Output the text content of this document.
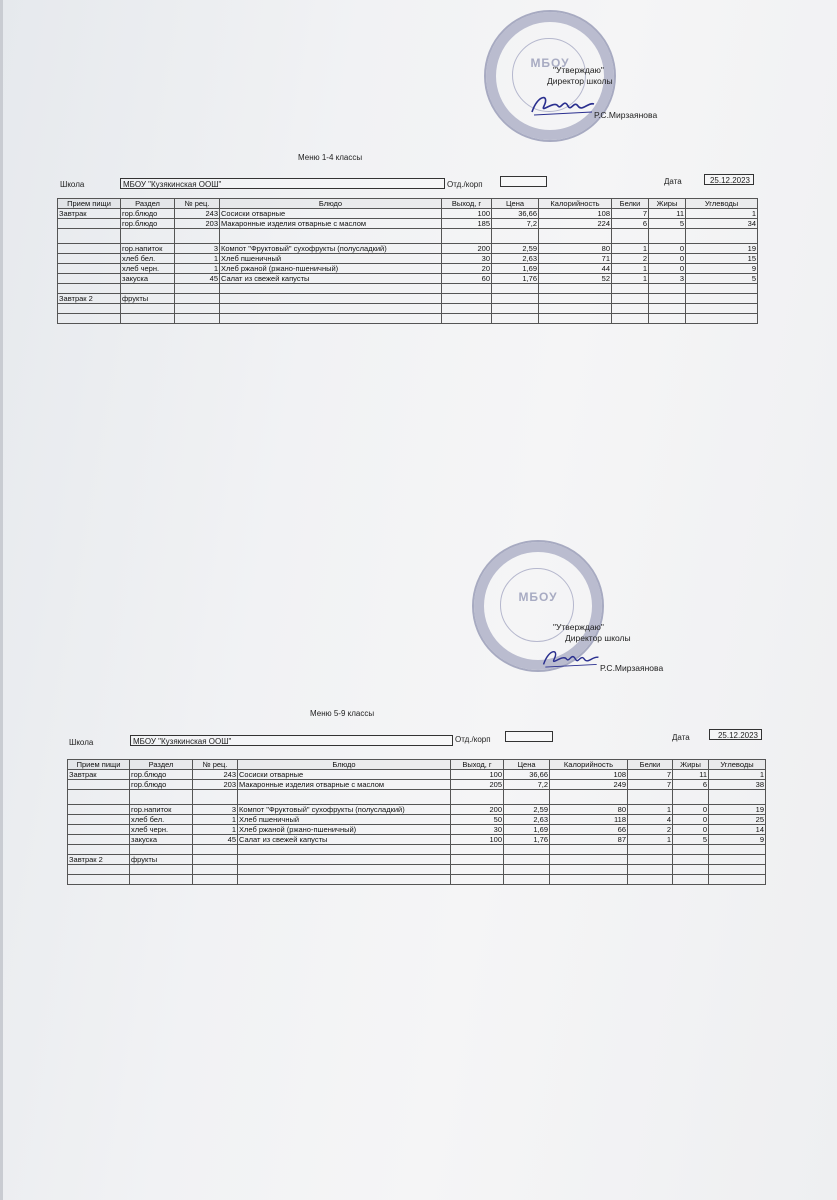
МБОУ
"Утверждаю"
Директор школы
Р.С.Мирзаянова
Меню 1-4 классы
Школа	МБОУ "Кузякинская ООШ"	Отд./корп	Дата	25.12.2023
Прием пищи	Раздел	№ рец.	Блюдо	Выход, г	Цена	Калорийность	Белки	Жиры	Углеводы
Завтрак	гор.блюдо	243	Сосиски отварные	100	36,66	108	7	11	1
	гор.блюдо	203	Макаронные изделия отварные с маслом	185	7,2	224	6	5	34

	гор.напиток	3	Компот "Фруктовый" сухофрукты (полусладкий)	200	2,59	80	1	0	19
	хлеб бел.	1	Хлеб пшеничный	30	2,63	71	2	0	15
	хлеб черн.	1	Хлеб ржаной (ржано-пшеничный)	20	1,69	44	1	0	9
	закуска	45	Салат из свежей капусты	60	1,76	52	1	3	5

Завтрак 2	фрукты								

МБОУ
"Утверждаю"
Директор школы
Р.С.Мирзаянова
Меню 5-9 классы
Школа	МБОУ "Кузякинская ООШ"	Отд./корп	Дата	25.12.2023
Прием пищи	Раздел	№ рец.	Блюдо	Выход, г	Цена	Калорийность	Белки	Жиры	Углеводы
Завтрак	гор.блюдо	243	Сосиски отварные	100	36,66	108	7	11	1
	гор.блюдо	203	Макаронные изделия отварные с маслом	205	7,2	249	7	6	38

	гор.напиток	3	Компот "Фруктовый" сухофрукты (полусладкий)	200	2,59	80	1	0	19
	хлеб бел.	1	Хлеб пшеничный	50	2,63	118	4	0	25
	хлеб черн.	1	Хлеб ржаной (ржано-пшеничный)	30	1,69	66	2	0	14
	закуска	45	Салат из свежей капусты	100	1,76	87	1	5	9

Завтрак 2	фрукты								
